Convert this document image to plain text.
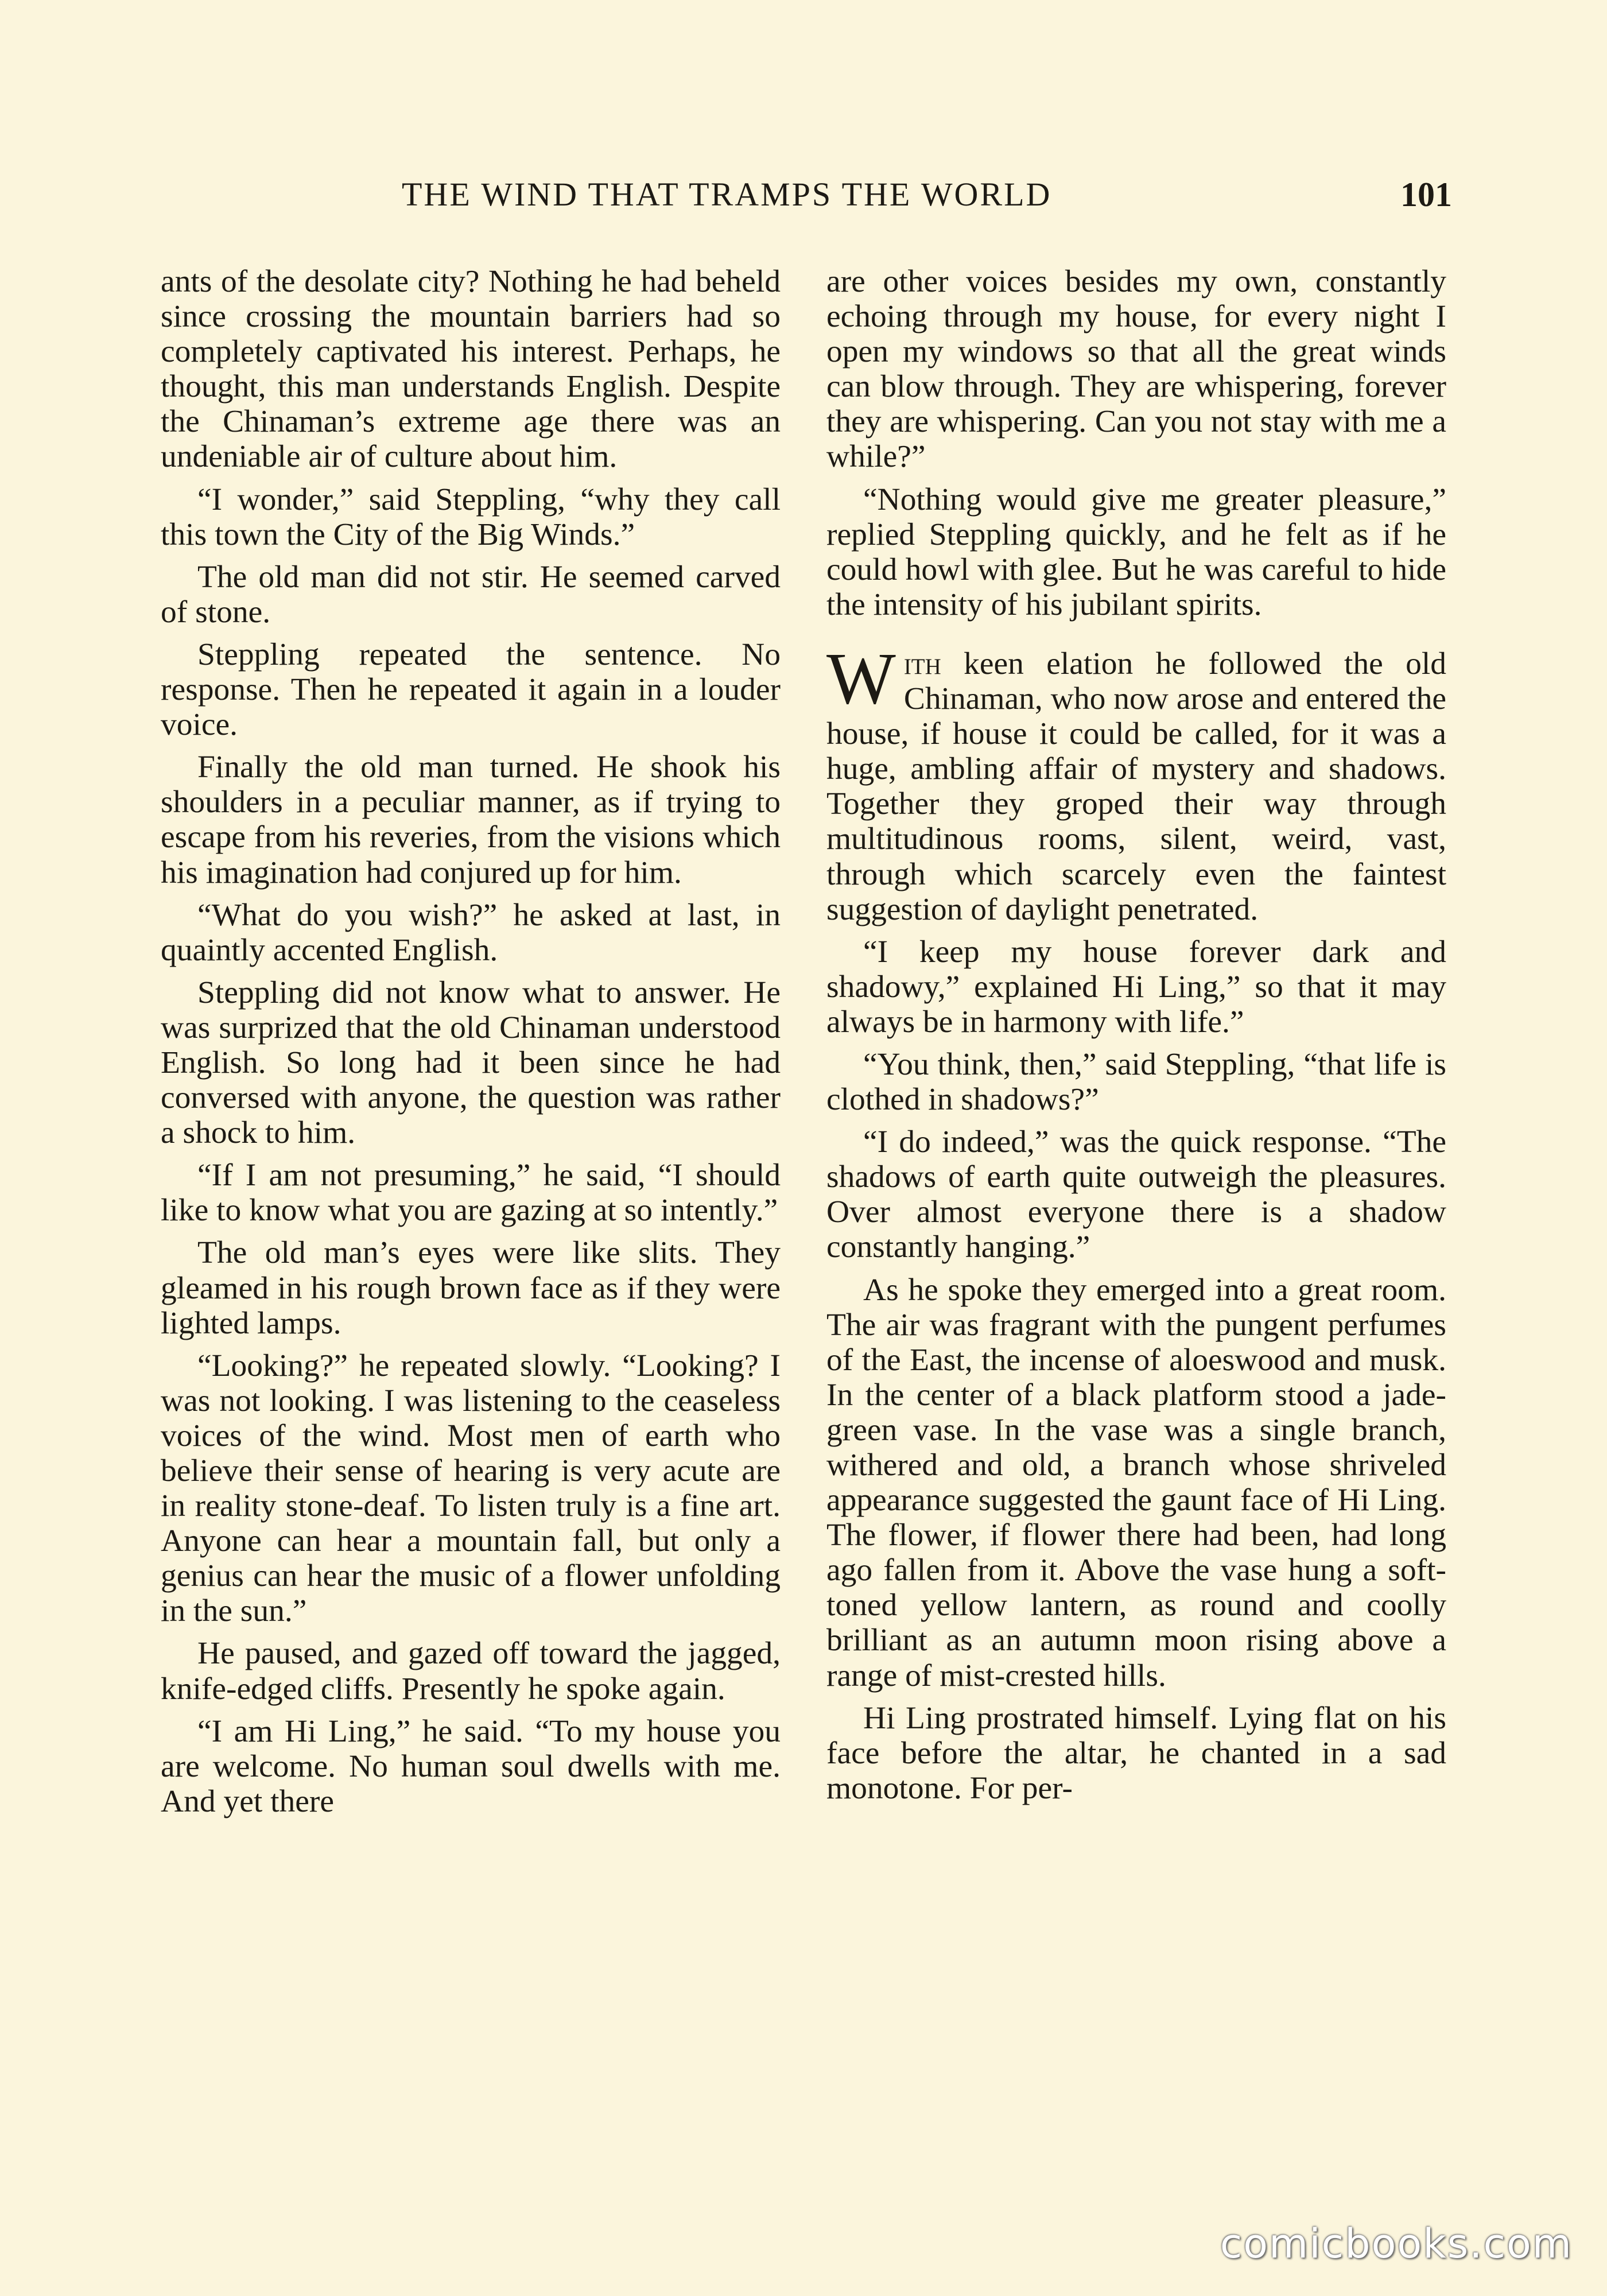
THE WIND THAT TRAMPS THE WORLD	101

ants of the desolate city? Nothing he had beheld since crossing the mountain barriers had so completely captivated his interest. Perhaps, he thought, this man understands English. Despite the Chinaman’s extreme age there was an undeniable air of culture about him.

“I wonder,” said Steppling, “why they call this town the City of the Big Winds.”

The old man did not stir. He seemed carved of stone.

Steppling repeated the sentence. No response. Then he repeated it again in a louder voice.

Finally the old man turned. He shook his shoulders in a peculiar manner, as if trying to escape from his reveries, from the visions which his imagination had conjured up for him.

“What do you wish?” he asked at last, in quaintly accented English.

Steppling did not know what to answer. He was surprized that the old Chinaman understood English. So long had it been since he had conversed with anyone, the question was rather a shock to him.

“If I am not presuming,” he said, “I should like to know what you are gazing at so intently.”

The old man’s eyes were like slits. They gleamed in his rough brown face as if they were lighted lamps.

“Looking?” he repeated slowly. “Looking? I was not looking. I was listening to the ceaseless voices of the wind. Most men of earth who believe their sense of hearing is very acute are in reality stone-deaf. To listen truly is a fine art. Anyone can hear a mountain fall, but only a genius can hear the music of a flower unfolding in the sun.”

He paused, and gazed off toward the jagged, knife-edged cliffs. Presently he spoke again.

“I am Hi Ling,” he said. “To my house you are welcome. No human soul dwells with me. And yet there

are other voices besides my own, constantly echoing through my house, for every night I open my windows so that all the great winds can blow through. They are whispering, forever they are whispering. Can you not stay with me a while?”

“Nothing would give me greater pleasure,” replied Steppling quickly, and he felt as if he could howl with glee. But he was careful to hide the intensity of his jubilant spirits.

With keen elation he followed the old Chinaman, who now arose and entered the house, if house it could be called, for it was a huge, ambling affair of mystery and shadows. Together they groped their way through multitudinous rooms, silent, weird, vast, through which scarcely even the faintest suggestion of daylight penetrated.

“I keep my house forever dark and shadowy,” explained Hi Ling,” so that it may always be in harmony with life.”

“You think, then,” said Steppling, “that life is clothed in shadows?”

“I do indeed,” was the quick response. “The shadows of earth quite outweigh the pleasures. Over almost everyone there is a shadow constantly hanging.”

As he spoke they emerged into a great room. The air was fragrant with the pungent perfumes of the East, the incense of aloeswood and musk. In the center of a black platform stood a jade-green vase. In the vase was a single branch, withered and old, a branch whose shriveled appearance suggested the gaunt face of Hi Ling. The flower, if flower there had been, had long ago fallen from it. Above the vase hung a soft-toned yellow lantern, as round and coolly brilliant as an autumn moon rising above a range of mist-crested hills.

Hi Ling prostrated himself. Lying flat on his face before the altar, he chanted in a sad monotone. For per-

comicbooks.com
